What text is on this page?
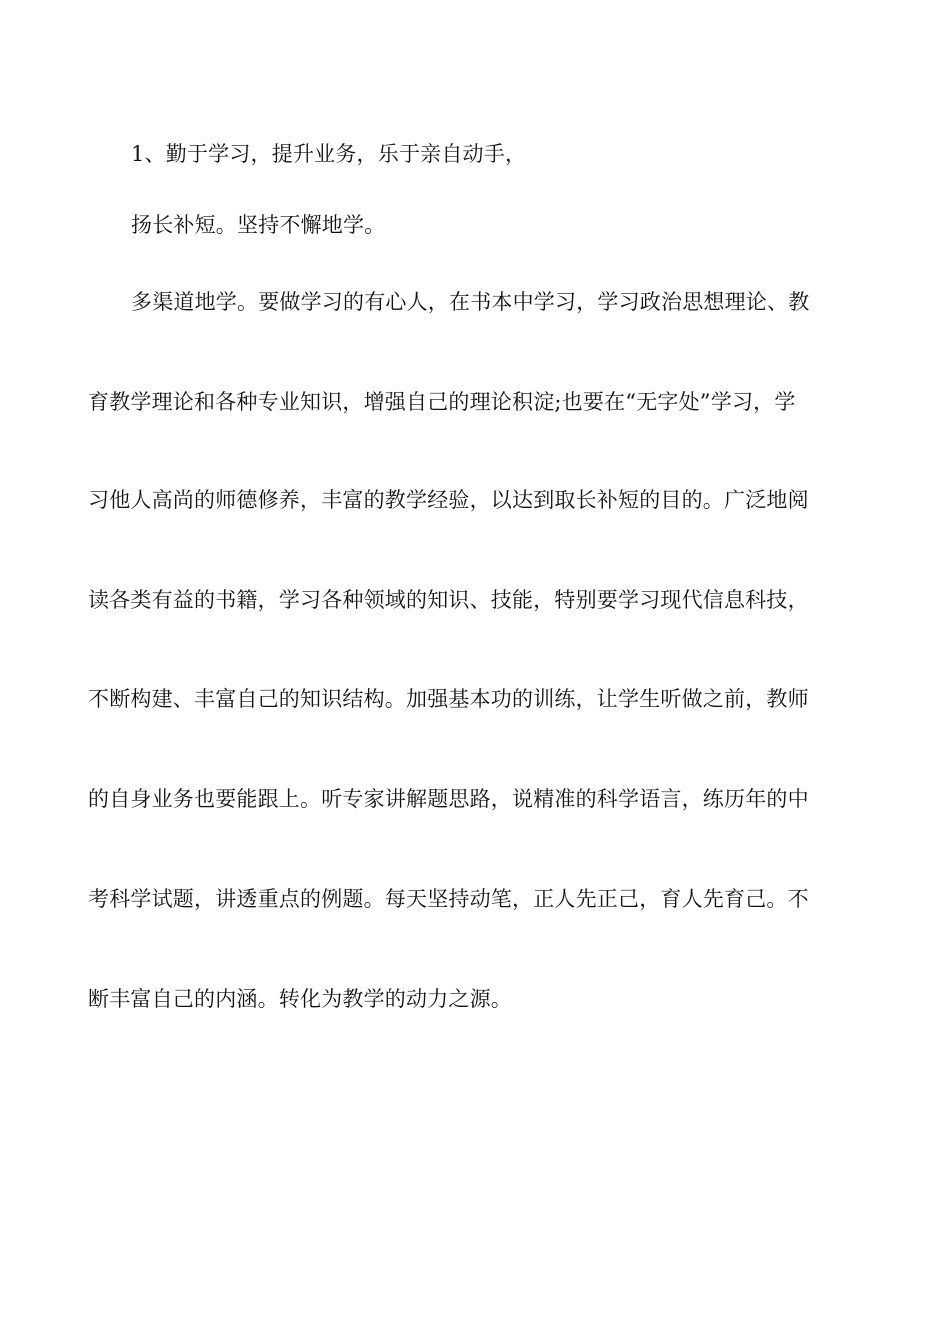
1、勤于学习，提升业务，乐于亲自动手，
扬长补短。坚持不懈地学。
多渠道地学。要做学习的有心人，在书本中学习，学习政治思想理论、教
育教学理论和各种专业知识，增强自己的理论积淀;也要在“无字处”学习，学
习他人高尚的师德修养，丰富的教学经验，以达到取长补短的目的。广泛地阅
读各类有益的书籍，学习各种领域的知识、技能，特别要学习现代信息科技，
不断构建、丰富自己的知识结构。加强基本功的训练，让学生听做之前，教师
的自身业务也要能跟上。听专家讲解题思路，说精准的科学语言，练历年的中
考科学试题，讲透重点的例题。每天坚持动笔，正人先正己，育人先育己。不
断丰富自己的内涵。转化为教学的动力之源。
